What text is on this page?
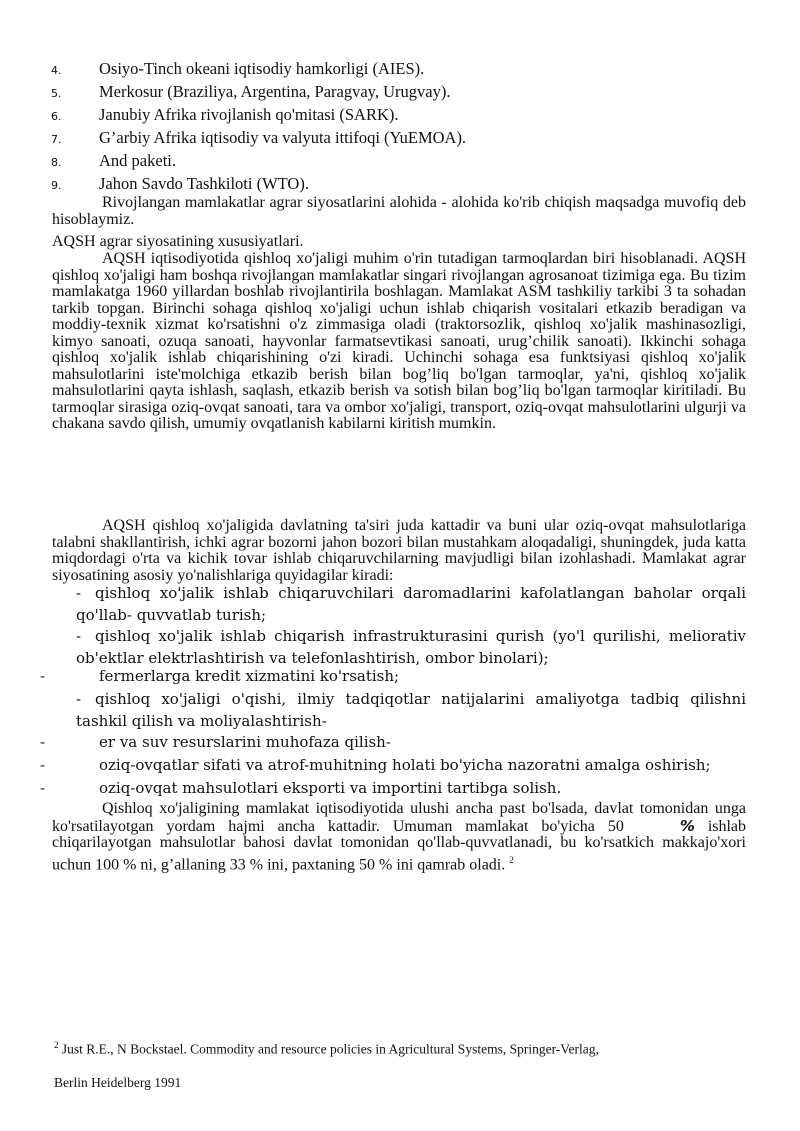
4. Osiyo-Tinch okeani iqtisodiy hamkorligi (AIES).
5. Merkosur (Braziliya, Argentina, Paragvay, Urugvay).
6. Janubiy Afrika rivojlanish qo'mitasi (SARK).
7. G’arbiy Afrika iqtisodiy va valyuta ittifoqi (YuEMOA).
8. And paketi.
9. Jahon Savdo Tashkiloti (WTO).

Rivojlangan mamlakatlar agrar siyosatlarini alohida - alohida ko'rib chiqish maqsadga muvofiq deb hisoblaymiz.

AQSH agrar siyosatining xususiyatlari.

AQSH iqtisodiyotida qishloq xo'jaligi muhim o'rin tutadigan tarmoqlardan biri hisoblanadi. AQSH qishloq xo'jaligi ham boshqa rivojlangan mamlakatlar singari rivojlangan agrosanoat tizimiga ega. Bu tizim mamlakatga 1960 yillardan boshlab rivojlantirila boshlagan. Mamlakat ASM tashkiliy tarkibi 3 ta sohadan tarkib topgan. Birinchi sohaga qishloq xo'jaligi uchun ishlab chiqarish vositalari etkazib beradigan va moddiy-texnik xizmat ko'rsatishni o'z zimmasiga oladi (traktorsozlik, qishloq xo'jalik mashinasozligi, kimyo sanoati, ozuqa sanoati, hayvonlar farmatsevtikasi sanoati, urug’chilik sanoati). Ikkinchi sohaga qishloq xo'jalik ishlab chiqarishining o'zi kiradi. Uchinchi sohaga esa funktsiyasi qishloq xo'jalik mahsulotlarini iste'molchiga etkazib berish bilan bog’liq bo'lgan tarmoqlar, ya'ni, qishloq xo'jalik mahsulotlarini qayta ishlash, saqlash, etkazib berish va sotish bilan bog’liq bo'lgan tarmoqlar kiritiladi. Bu tarmoqlar sirasiga oziq-ovqat sanoati, tara va ombor xo'jaligi, transport, oziq-ovqat mahsulotlarini ulgurji va chakana savdo qilish, umumiy ovqatlanish kabilarni kiritish mumkin.

AQSH qishloq xo'jaligida davlatning ta'siri juda kattadir va buni ular oziq-ovqat mahsulotlariga talabni shakllantirish, ichki agrar bozorni jahon bozori bilan mustahkam aloqadaligi, shuningdek, juda katta miqdordagi o'rta va kichik tovar ishlab chiqaruvchilarning mavjudligi bilan izohlashadi. Mamlakat agrar siyosatining asosiy yo'nalishlariga quyidagilar kiradi:

- qishloq xo'jalik ishlab chiqaruvchilari daromadlarini kafolatlangan baholar orqali qo'llab- quvvatlab turish;
- qishloq xo'jalik ishlab chiqarish infrastrukturasini qurish (yo'l qurilishi, meliorativ ob'ektlar elektrlashtirish va telefonlashtirish, ombor binolari);
-	fermerlarga kredit xizmatini ko'rsatish;
- qishloq xo'jaligi o'qishi, ilmiy tadqiqotlar natijalarini amaliyotga tadbiq qilishni tashkil qilish va moliyalashtirish-
-	er va suv resurslarini muhofaza qilish-
-	oziq-ovqatlar sifati va atrof-muhitning holati bo'yicha nazoratni amalga oshirish;
-	oziq-ovqat mahsulotlari eksporti va importini tartibga solish.
Qishloq xo'jaligining mamlakat iqtisodiyotida ulushi ancha past bo'lsada, davlat tomonidan unga ko'rsatilayotgan yordam hajmi ancha kattadir. Umuman mamlakat bo'yicha 50	% ishlab chiqarilayotgan mahsulotlar bahosi davlat tomonidan qo'llab-quvvatlanadi, bu ko'rsatkich makkajo'xori uchun 100 % ni, g’allaning 33 % ini, paxtaning 50 % ini qamrab oladi. $^2$
$^2$ Just R.E., N Bockstael. Commodity and resource policies in Agricultural Systems, Springer-Verlag,
Berlin Heidelberg 1991
